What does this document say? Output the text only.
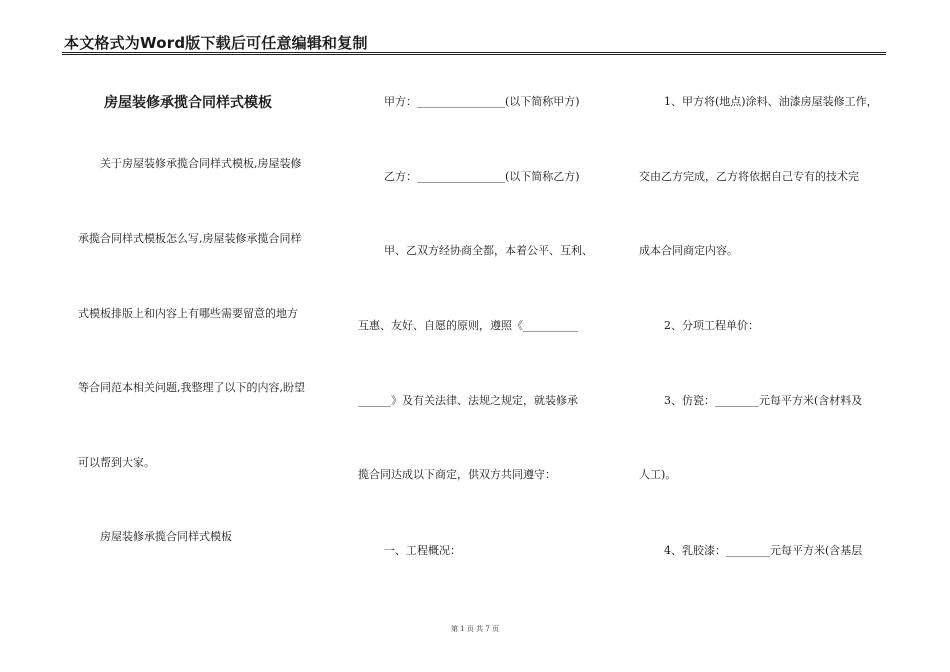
本文格式为Word版下载后可任意编辑和复制
房屋装修承揽合同样式模板
关于房屋装修承揽合同样式模板,房屋装修
承揽合同样式模板怎么写,房屋装修承揽合同样
式模板排版上和内容上有哪些需要留意的地方
等合同范本相关问题,我整理了以下的内容,盼望
可以帮到大家。
房屋装修承揽合同样式模板
甲方：________________(以下简称甲方)
乙方：________________(以下简称乙方)
甲、乙双方经协商全都，本着公平、互利、
互惠、友好、自愿的原则，遵照《__________
______》及有关法律、法规之规定，就装修承
揽合同达成以下商定，供双方共同遵守：
一、工程概况：
1、甲方将(地点)涂料、油漆房屋装修工作，
交由乙方完成，乙方将依据自己专有的技术完
成本合同商定内容。
2、分项工程单价：
3、仿瓷：________元每平方米(含材料及
人工)。
4、乳胶漆：________元每平方米(含基层
第 1 页 共 7 页
